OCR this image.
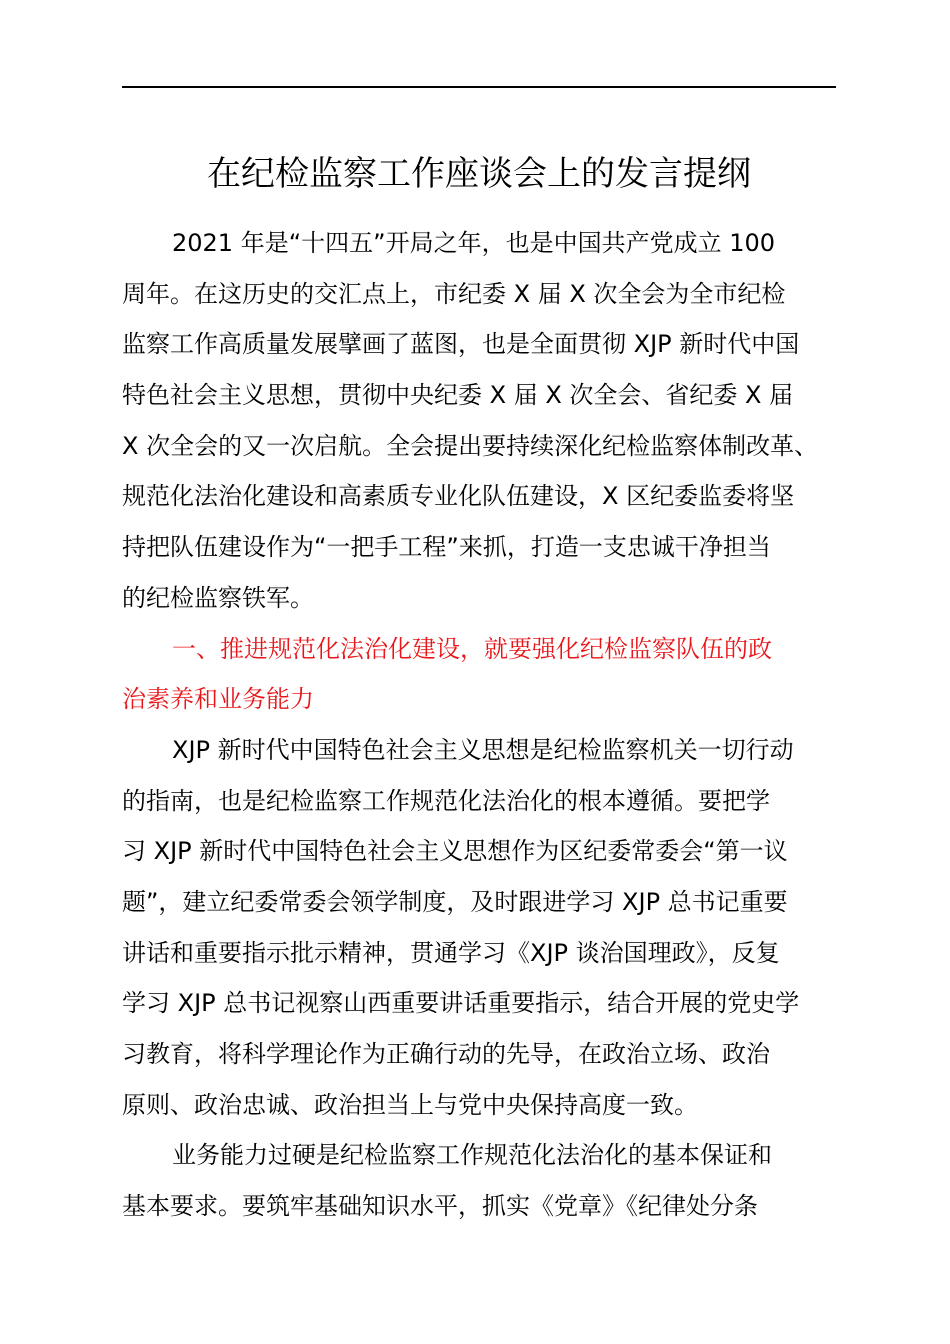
在纪检监察工作座谈会上的发言提纲
2021 年是“十四五”开局之年，也是中国共产党成立 100
周年。在这历史的交汇点上，市纪委 X 届 X 次全会为全市纪检
监察工作高质量发展擘画了蓝图，也是全面贯彻 XJP 新时代中国
特色社会主义思想，贯彻中央纪委 X 届 X 次全会、省纪委 X 届
X 次全会的又一次启航。全会提出要持续深化纪检监察体制改革、
规范化法治化建设和高素质专业化队伍建设，X 区纪委监委将坚
持把队伍建设作为“一把手工程”来抓，打造一支忠诚干净担当
的纪检监察铁军。
一、推进规范化法治化建设，就要强化纪检监察队伍的政
治素养和业务能力
XJP 新时代中国特色社会主义思想是纪检监察机关一切行动
的指南，也是纪检监察工作规范化法治化的根本遵循。要把学
习 XJP 新时代中国特色社会主义思想作为区纪委常委会“第一议
题”，建立纪委常委会领学制度，及时跟进学习 XJP 总书记重要
讲话和重要指示批示精神，贯通学习《XJP 谈治国理政》，反复
学习 XJP 总书记视察山西重要讲话重要指示，结合开展的党史学
习教育，将科学理论作为正确行动的先导，在政治立场、政治
原则、政治忠诚、政治担当上与党中央保持高度一致。
业务能力过硬是纪检监察工作规范化法治化的基本保证和
基本要求。要筑牢基础知识水平，抓实《党章》《纪律处分条
